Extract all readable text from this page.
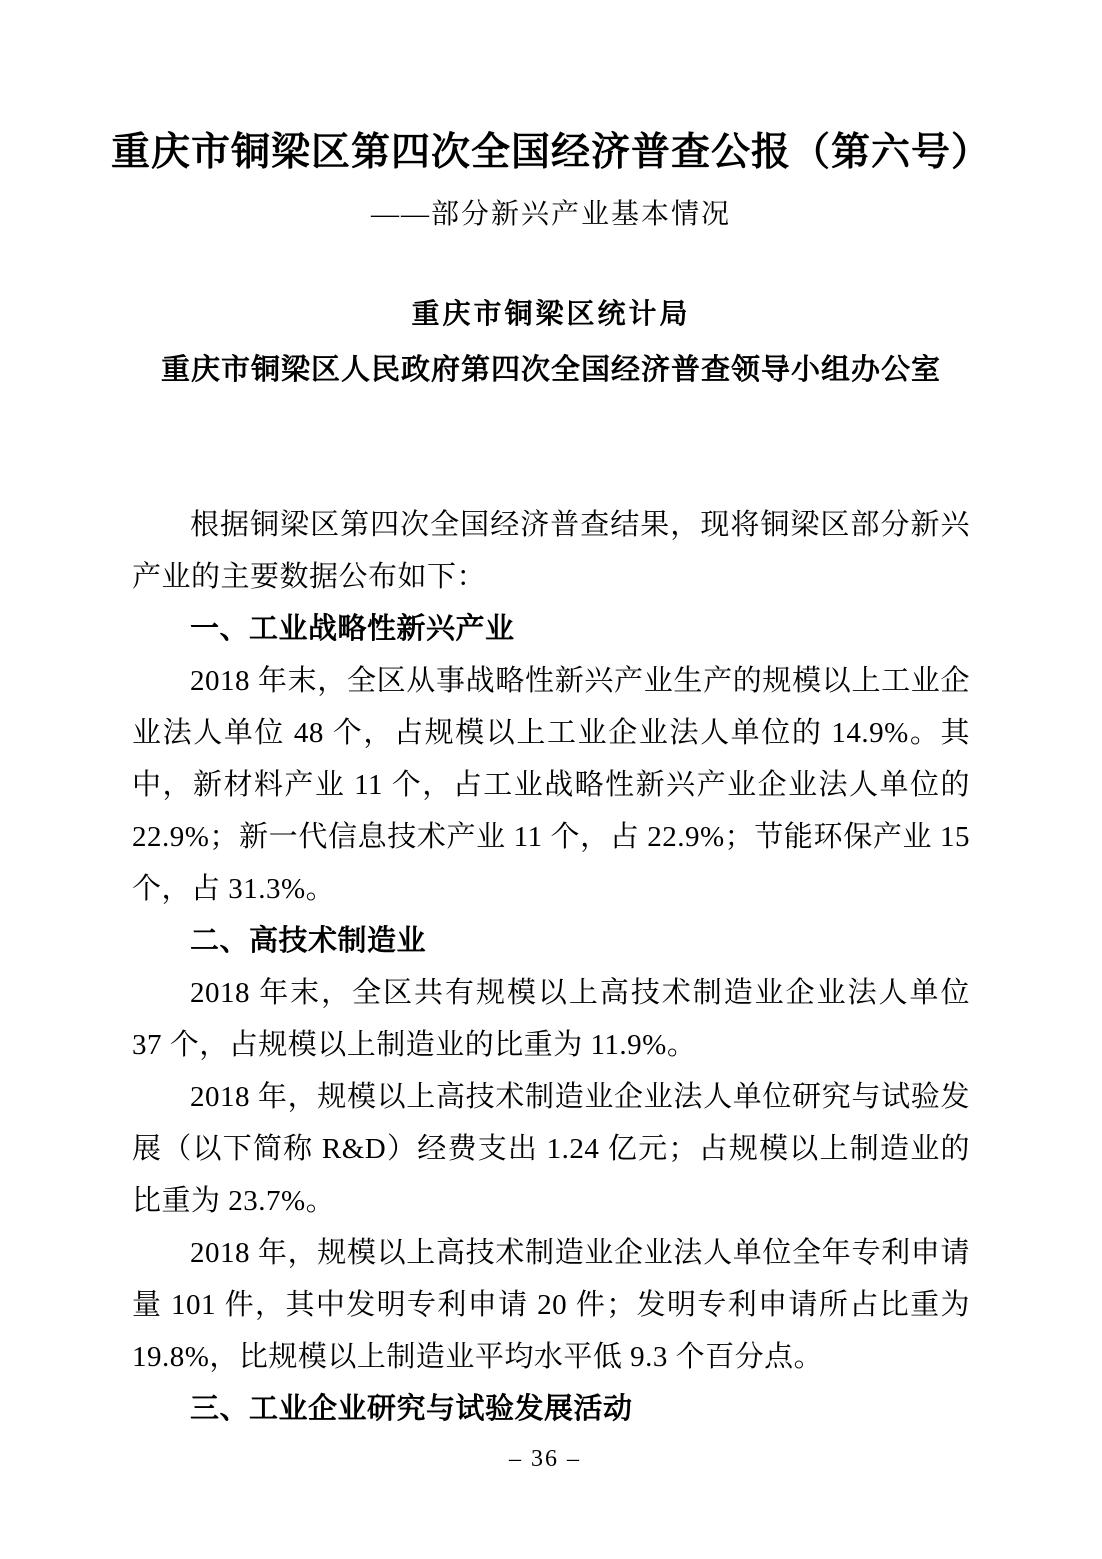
重庆市铜梁区第四次全国经济普查公报（第六号）
——部分新兴产业基本情况
重庆市铜梁区统计局
重庆市铜梁区人民政府第四次全国经济普查领导小组办公室

根据铜梁区第四次全国经济普查结果，现将铜梁区部分新兴产业的主要数据公布如下：

一、工业战略性新兴产业

2018 年末，全区从事战略性新兴产业生产的规模以上工业企业法人单位 48 个，占规模以上工业企业法人单位的 14.9%。其中，新材料产业 11 个，占工业战略性新兴产业企业法人单位的 22.9%；新一代信息技术产业 11 个，占 22.9%；节能环保产业 15 个，占 31.3%。

二、高技术制造业

2018 年末，全区共有规模以上高技术制造业企业法人单位 37 个，占规模以上制造业的比重为 11.9%。

2018 年，规模以上高技术制造业企业法人单位研究与试验发展（以下简称 R&D）经费支出 1.24 亿元；占规模以上制造业的比重为 23.7%。

2018 年，规模以上高技术制造业企业法人单位全年专利申请量 101 件，其中发明专利申请 20 件；发明专利申请所占比重为 19.8%，比规模以上制造业平均水平低 9.3 个百分点。

三、工业企业研究与试验发展活动

– 36 –
